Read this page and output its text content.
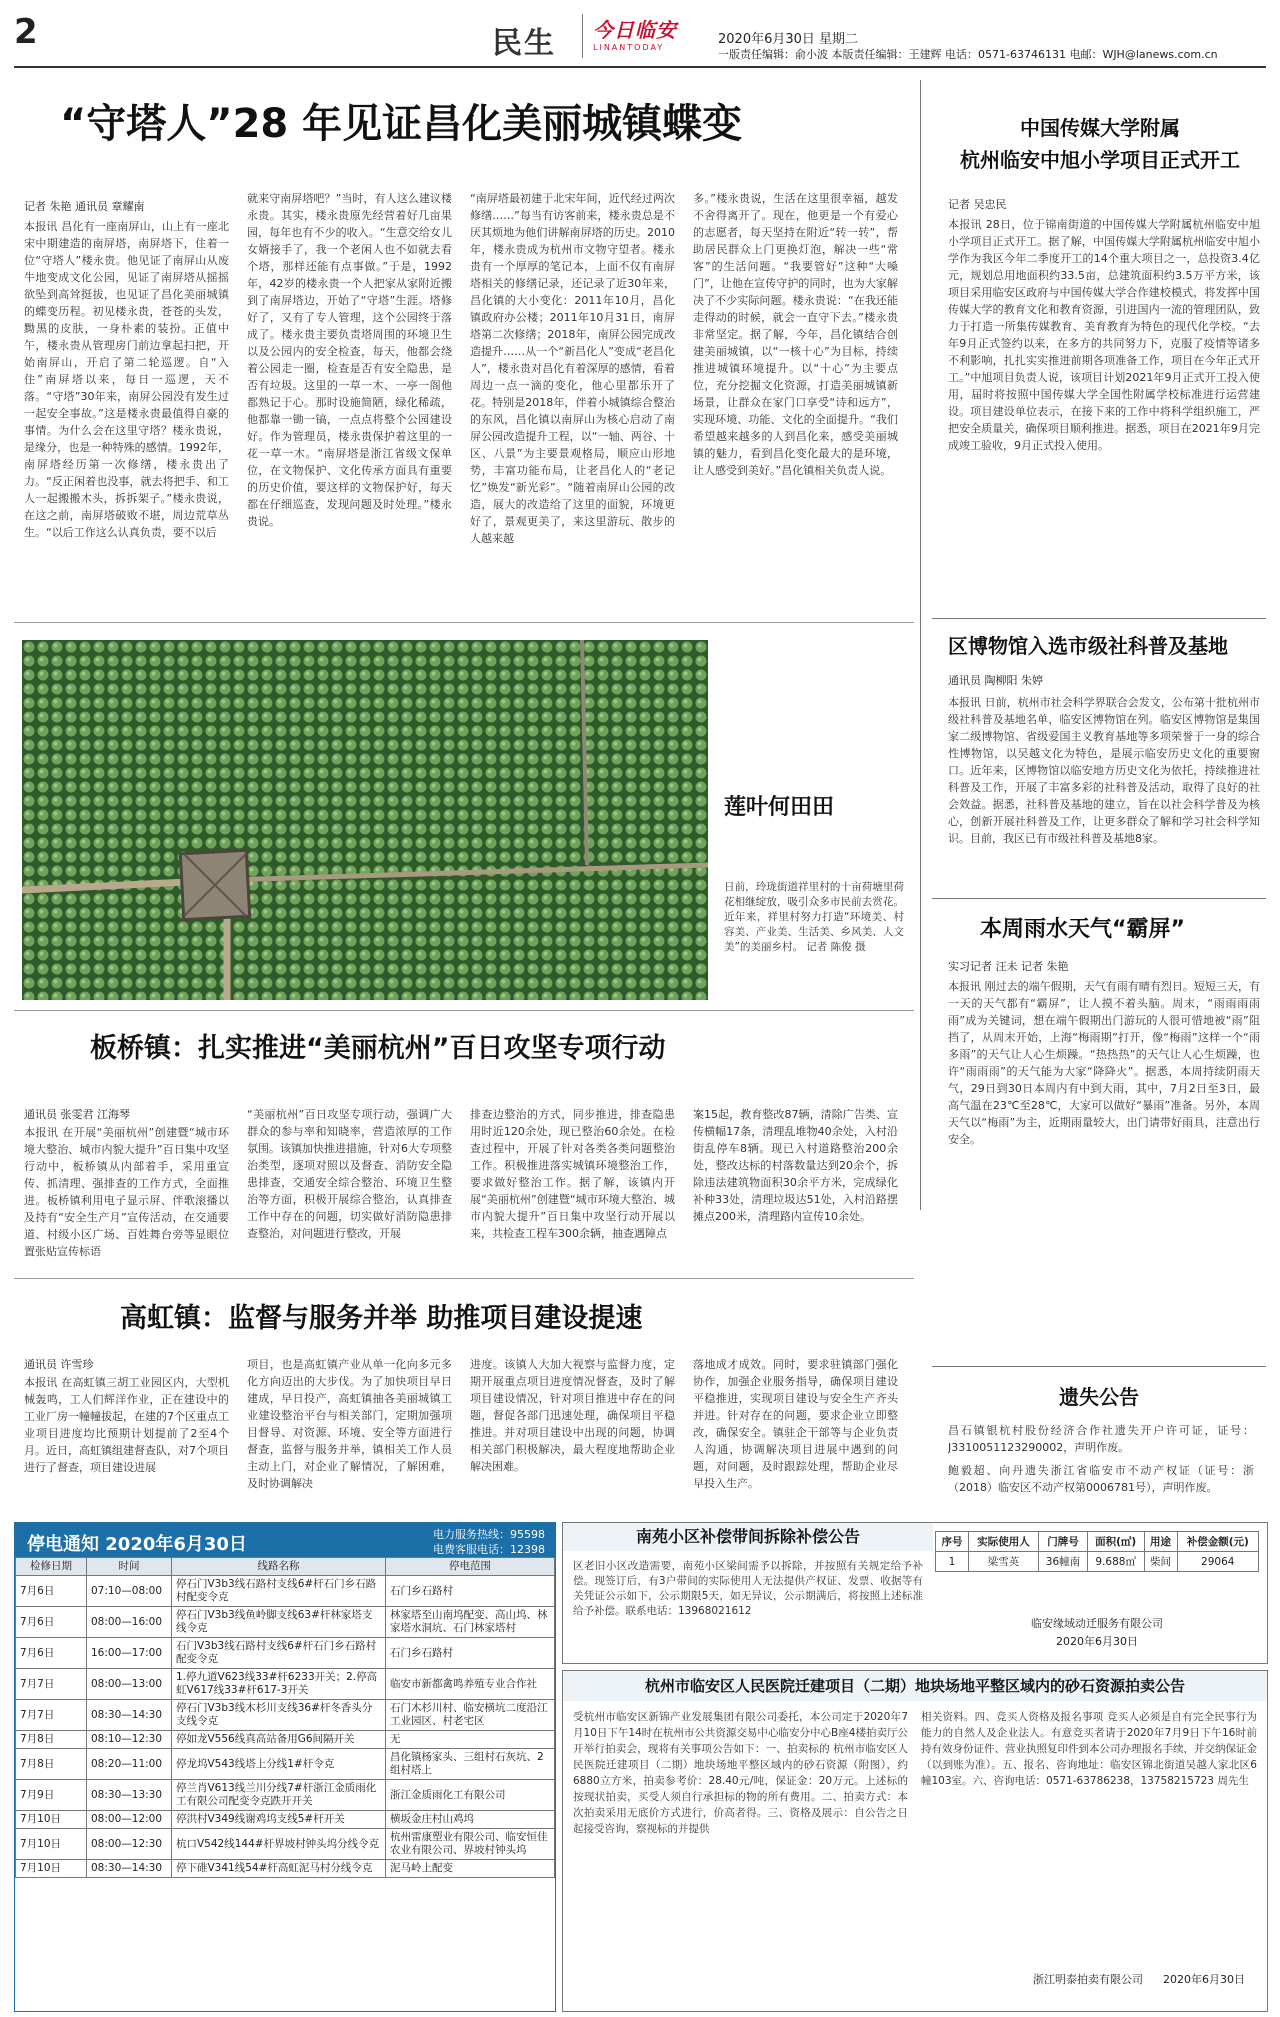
2	民生 今日临安
LINANTODAY
2020年6月30日 星期二
一版责任编辑：俞小波 本版责任编辑：王建辉 电话：0571-63746131 电邮：WJH@lanews.com.cn
“守塔人”28 年见证昌化美丽城镇蝶变
记者 朱艳 通讯员 章耀南
本报讯 昌化有一座南屏山，山上有一座北宋中期建造的南屏塔，南屏塔下，住着一位“守塔人”楼永贵。他见证了南屏山从废牛地变成文化公园，见证了南屏塔从摇摇欲坠到高耸挺拔，也见证了昌化美丽城镇的蝶变历程。初见楼永贵，苍苍的头发，黝黑的皮肤，一身朴素的装扮。正值中午，楼永贵从管理房门前边拿起扫把，开始南屏山，开启了第二轮巡逻。自“入住”南屏塔以来，每日一巡逻，天不落。“守塔”30年来，南屏公园没有发生过一起安全事故。”这是楼永贵最值得自豪的事情。为什么会在这里守塔？楼永贵说，是缘分，也是一种特殊的感情。1992年，南屏塔经历第一次修缮，楼永贵出了力。“反正闲着也没事，就去将把手、和工人一起搬搬木头，拆拆架子。”楼永贵说，在这之前，南屏塔破败不堪，周边荒草丛生。“以后工作这么认真负责，要不以后
就来守南屏塔吧？”当时，有人这么建议楼永贵。其实，楼永贵原先经营着好几亩果园，每年也有不少的收入。“生意交给女儿女婿接手了，我一个老闲人也不如就去看个塔，那样还能有点事做。”于是，1992年，42岁的楼永贵一个人把家从家附近搬到了南屏塔边，开始了“守塔”生涯。塔修好了，又有了专人管理，这个公园终于落成了。楼永贵主要负责塔周围的环境卫生以及公园内的安全检查，每天，他都会绕着公园走一圈，检查是否有安全隐患，是否有垃圾。这里的一草一木、一亭一阁他都熟记于心。那时设施简陋，绿化稀疏，他都靠一锄一镐，一点点将整个公园建设好。作为管理员，楼永贵保护着这里的一花一草一木。“南屏塔是浙江省级文保单位，在文物保护、文化传承方面具有重要的历史价值，要这样的文物保护好，每天都在仔细巡查，发现问题及时处理。”楼永贵说。
“南屏塔最初建于北宋年间，近代经过两次修缮……”每当有访客前来，楼永贵总是不厌其烦地为他们讲解南屏塔的历史。2010年，楼永贵成为杭州市文物守望者。楼永贵有一个厚厚的笔记本，上面不仅有南屏塔相关的修缮记录，还记录了近30年来，昌化镇的大小变化：2011年10月，昌化镇政府办公楼；2011年10月31日，南屏塔第二次修缮；2018年，南屏公园完成改造提升……从一个“新昌化人”变成“老昌化人”，楼永贵对昌化有着深厚的感情，看着周边一点一滴的变化，他心里都乐开了花。特别是2018年，伴着小城镇综合整治的东风，昌化镇以南屏山为核心启动了南屏公园改造提升工程，以“一轴、两谷、十区、八景”为主要景观格局，顺应山形地势，丰富功能布局，让老昌化人的“老记忆”焕发“新光彩”。“随着南屏山公园的改造，展大的改造给了这里的面貌，环境更好了，景观更美了，来这里游玩、散步的人越来越
多。”楼永贵说，生活在这里很幸福，越发不舍得离开了。现在，他更是一个有爱心的志愿者，每天坚持在附近“转一转”，帮助居民群众上门更换灯泡，解决一些“常客”的生活问题。“我要管好”这种“大嗓门”，让他在宣传守护的同时，也为大家解决了不少实际问题。楼永贵说：“在我还能走得动的时候，就会一直守下去。”楼永贵非常坚定。据了解，今年，昌化镇结合创建美丽城镇，以“一核十心”为目标，持续推进城镇环境提升。以“十心”为主要点位，充分挖掘文化资源，打造美丽城镇新场景，让群众在家门口享受“诗和远方”，实现环境、功能、文化的全面提升。“我们希望越来越多的人到昌化来，感受美丽城镇的魅力，看到昌化变化最大的是环境，让人感受到美好。”昌化镇相关负责人说。
中国传媒大学附属
杭州临安中旭小学项目正式开工
记者 吴忠民
本报讯 28日，位于锦南街道的中国传媒大学附属杭州临安中旭小学项目正式开工。据了解，中国传媒大学附属杭州临安中旭小学作为我区今年二季度开工的14个重大项目之一，总投资3.4亿元，规划总用地面积约33.5亩，总建筑面积约3.5万平方米，该项目采用临安区政府与中国传媒大学合作建校模式，将发挥中国传媒大学的教育文化和教育资源，引进国内一流的管理团队，致力于打造一所集传媒教育、美育教育为特色的现代化学校。“去年9月正式签约以来，在多方的共同努力下，克服了疫情等诸多不利影响，扎扎实实推进前期各项准备工作，项目在今年正式开工。”中旭项目负责人说，该项目计划2021年9月正式开工投入使用，届时将按照中国传媒大学全国性附属学校标准进行运营建设。项目建设单位表示，在接下来的工作中将科学组织施工，严把安全质量关，确保项目顺利推进。据悉，项目在2021年9月完成竣工验收，9月正式投入使用。
区博物馆入选市级社科普及基地
通讯员 陶柳阳 朱婷
本报讯 日前，杭州市社会科学界联合会发文，公布第十批杭州市级社科普及基地名单，临安区博物馆在列。临安区博物馆是集国家二级博物馆、省级爱国主义教育基地等多项荣誉于一身的综合性博物馆，以吴越文化为特色，是展示临安历史文化的重要窗口。近年来，区博物馆以临安地方历史文化为依托，持续推进社科普及工作，开展了丰富多彩的社科普及活动，取得了良好的社会效益。据悉，社科普及基地的建立，旨在以社会科学普及为核心，创新开展社科普及工作，让更多群众了解和学习社会科学知识。目前，我区已有市级社科普及基地8家。
本周雨水天气“霸屏”
实习记者 汪未 记者 朱艳
本报讯 刚过去的端午假期，天气有雨有晴有烈日。短短三天，有一天的天气都有“霸屏”，让人摸不着头脑。周末，“雨雨雨雨雨”成为关键词，想在端午假期出门游玩的人很可惜地被“雨”阻挡了，从周末开始，上海“梅雨期”打开，像“梅雨”这样一个“雨多雨”的天气让人心生烦躁。“热热热”的天气让人心生烦躁，也许“雨雨雨”的天气能为大家“降降火”。据悉，本周持续阴雨天气，29日到30日本周内有中到大雨，其中，7月2日至3日，最高气温在23℃至28℃，大家可以做好“暴雨”准备。另外，本周天气以“梅雨”为主，近期雨量较大，出门请带好雨具，注意出行安全。
莲叶何田田
日前，玲珑街道祥里村的十亩荷塘里荷花相继绽放，吸引众多市民前去赏花。近年来，祥里村努力打造“环境美、村容美、产业美、生活美、乡风美、人文美”的美丽乡村。 记者 陈俊 摄
板桥镇：扎实推进“美丽杭州”百日攻坚专项行动
通讯员 张雯君 江海琴
本报讯 在开展“美丽杭州”创建暨“城市环境大整治、城市内貌大提升”百日集中攻坚行动中，板桥镇从内部着手，采用重宣传、抓清理、强排查的工作方式，全面推进。板桥镇利用电子显示屏、伴歌滚播以及持有“安全生产月”宣传活动，在交通要道、村级小区广场、百姓舞台旁等显眼位置张贴宣传标语
“美丽杭州”百日攻坚专项行动，强调广大群众的参与率和知晓率，营造浓厚的工作氛围。该镇加快推进措施，针对6大专项整治类型，逐项对照以及督查、消防安全隐患排查，交通安全综合整治、环境卫生整治等方面，积极开展综合整治，认真排查工作中存在的问题，切实做好消防隐患排查整治，对问题进行整改，开展
排查边整治的方式，同步推进，排查隐患用时近120余处，现已整治60余处。在检查过程中，开展了针对各类各类问题整治工作。积极推进落实城镇环境整治工作，要求做好整治工作。据了解，该镇内开展“美丽杭州”创建暨“城市环境大整治、城市内貌大提升”百日集中攻坚行动开展以来，共检查工程车300余辆，抽查遇障点
案15起，教育整改87辆，清除广告类、宣传横幅17条，清理乱堆物40余处，入村沿街乱停车8辆。现已入村道路整治200余处，整改达标的村落数量达到20余个，拆除违法建筑物面积30余平方米，完成绿化补种33处，清理垃圾达51处，入村沿路摆摊点200米，清理路内宣传10余处。
高虹镇：监督与服务并举 助推项目建设提速
通讯员 许雪珍
本报讯 在高虹镇三胡工业园区内，大型机械轰鸣，工人们辉洋作业，正在建设中的工业厂房一幢幢拔起，在建的7个区重点工业项目进度均比预期计划提前了2至4个月。近日，高虹镇组建督查队，对7个项目进行了督查，项目建设进展
项目，也是高虹镇产业从单一化向多元多化方向迈出的大步伐。为了加快项目早日建成，早日投产，高虹镇抽各美丽城镇工业建设整治平台与相关部门，定期加强项目督导、对资源、环境、安全等方面进行督查，监督与服务并举，镇相关工作人员主动上门，对企业了解情况，了解困难，及时协调解决
进度。该镇人大加大视察与监督力度，定期开展重点项目进度情况督查，及时了解项目建设情况，针对项目推进中存在的问题，督促各部门迅速处理，确保项目平稳推进。并对项目建设中出现的问题，协调相关部门积极解决，最大程度地帮助企业解决困难。
落地成才成效。同时，要求驻镇部门强化协作，加强企业服务指导，确保项目建设平稳推进，实现项目建设与安全生产齐头并进。针对存在的问题，要求企业立即整改，确保安全。镇驻企干部等与企业负责人沟通，协调解决项目进展中遇到的问题，对问题，及时跟踪处理，帮助企业尽早投入生产。
遗失公告
昌石镇银杭村股份经济合作社遗失开户许可证，证号：J3310051123290002，声明作废。
鲍毅超、向丹遗失浙江省临安市不动产权证（证号：浙（2018）临安区不动产权第0006781号），声明作废。
停电通知 2020年6月30日	电力服务热线：95598
电费客服电话：12398
检修日期	时间	线路名称	停电范围
7月6日	07:10—08:00	停石门V3b3线石路村支线6#杆石门乡石路村配变令克	石门乡石路村
7月6日	08:00—16:00	停石门V3b3线鱼岭脚支线63#杆林家塔支线令克	林家塔至山南坞配变、高山坞、林家塔水洞坑、石门林家塔村
7月6日	16:00—17:00	石门V3b3线石路村支线6#杆石门乡石路村配变令克	石门乡石路村
7月7日	08:00—13:00	1.停九道V623线33#杆6233开关；2.停高虹V617线33#杆617-3开关	临安市新都禽鸣养殖专业合作社
7月7日	08:30—14:30	停石门V3b3线木杉川支线36#杆冬香头分支线令克	石门木杉川村、临安横坑二度沿江工业园区、村老宅区
7月8日	08:10—12:30	停如龙V556线真高站备用G6间隔开关	无
7月8日	08:20—11:00	停龙坞V543线塔上分线1#杆令克	昌化镇杨家头、三组村石灰坑、2组村塔上
7月9日	08:30—13:30	停兰肖V613线兰川分线7#杆浙江金质雨化工有限公司配变令克跌开开关	浙江金质雨化工有限公司
7月10日	08:00—12:00	停洪村V349线谢鸡坞支线5#杆开关	横坂金庄村山鸡坞
7月10日	08:00—12:30	杭口V542线144#杆界坡村钟头坞分线令克	杭州雷康塑业有限公司、临安恒佳农业有限公司、界坡村钟头坞
7月10日	08:30—14:30	停下碓V341线54#杆高虹泥马村分线令克	泥马岭上配变
南苑小区补偿带间拆除补偿公告
区老旧小区改造需要，南苑小区梁间需予以拆除，并按照有关规定给予补偿。现签订后，有3户带间的实际使用人无法提供产权证、发票、收据等有关凭证公示如下，公示期限5天，如无异议，公示期满后，将按照上述标准给予补偿。联系电话：13968021612
序号	实际使用人	门牌号	面积(㎡)	用途	补偿金额(元)
1	梁雪英	36幢南	9.688㎡	柴间	29064
临安缘域动迁服务有限公司
2020年6月30日
杭州市临安区人民医院迁建项目（二期）地块场地平整区域内的砂石资源拍卖公告
受杭州市临安区新锦产业发展集团有限公司委托，本公司定于2020年7月10日下午14时在杭州市公共资源交易中心临安分中心B座4楼拍卖厅公开举行拍卖会，现将有关事项公告如下：一、拍卖标的 杭州市临安区人民医院迁建项目（二期）地块场地平整区域内的砂石资源（附图），约6880立方米，拍卖参考价：28.40元/吨，保证金：20万元。上述标的按现状拍卖，买受人须自行承担标的物的所有费用。二、拍卖方式：本次拍卖采用无底价方式进行，价高者得。三、资格及展示：自公告之日起接受咨询，察视标的并提供
相关资料。四、竞买人资格及报名事项 竞买人必须是自有完全民事行为能力的自然人及企业法人。有意竞买者请于2020年7月9日下午16时前持有效身份证件、营业执照复印件到本公司办理报名手续，并交纳保证金（以到账为准）。五、报名、咨询地址：临安区锦北街道吴越人家北区6幢103室。六、咨询电话：0571-63786238，13758215723 周先生
浙江明泰拍卖有限公司 2020年6月30日
